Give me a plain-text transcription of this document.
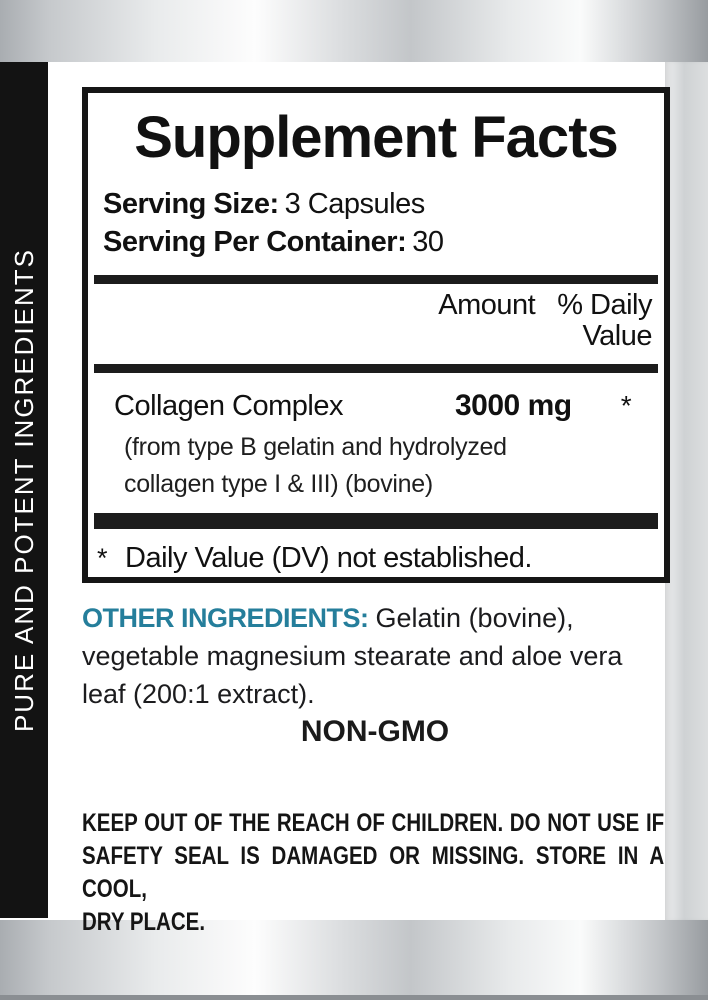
PURE AND POTENT INGREDIENTS
Supplement Facts
Serving Size: 3 Capsules
Serving Per Container: 30
Amount % Daily
Value
Collagen Complex	3000 mg	*
(from type B gelatin and hydrolyzed
collagen type I & III) (bovine)
* Daily Value (DV) not established.

OTHER INGREDIENTS: Gelatin (bovine), vegetable magnesium stearate and aloe vera leaf (200:1 extract).

NON-GMO
KEEP OUT OF THE REACH OF CHILDREN. DO NOT USE IF
SAFETY SEAL IS DAMAGED OR MISSING. STORE IN A COOL,
DRY PLACE.
